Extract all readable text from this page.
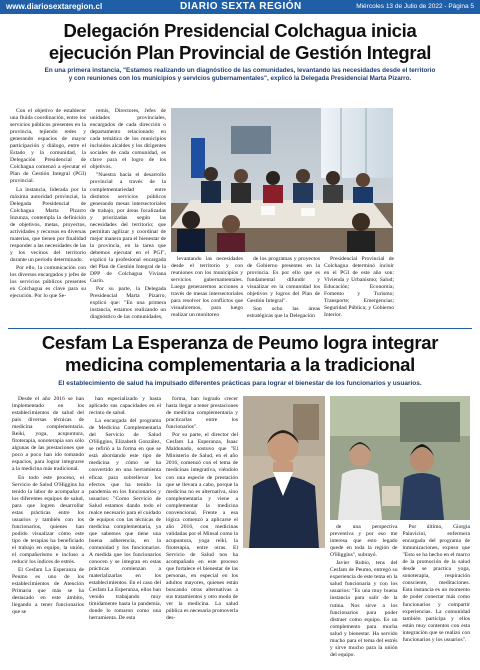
www.diariosextaregion.cl	DIARIO SEXTA REGIÓN	Miércoles 13 de Julio de 2022 - Página 5
Delegación Presidencial Colchagua inicia
ejecución Plan Provincial de Gestión Integral
En una primera instancia, "Estamos realizando un diagnóstico de las comunidades, levantando las necesidades desde el territorio
y con reuniones con los municipios y servicios gubernamentales", explicó la Delegada Presidencial Marta Pizarro.

Con el objetivo de establecer una fluida coordinación, entre los servicios públicos presentes en la provincia, tejiendo redes y generando espacios de mayor participación y diálogo, entre el Estado y la comunidad, la Delegación Presidencial de Colchagua comenzó a ejecutar el Plan de Gestión Integral (PGI) provincial.

La instancia, liderada por la máxima autoridad provincial, la Delegada Presidencial de Colchagua Marta Pizarro Inzunza, contempla la definición de objetivos, metas, proyectos, actividades y recursos en diversas materias, que tienen por finalidad responder a las necesidades de las y los vecinos del territorio durante un periodo determinado.

Por ello, la comunicación con los diversos encargados y jefes de los servicios públicos presentes en Colchagua es clave para su ejecución. Por lo que Se-

remis, Directores, Jefes de unidades provinciales, encargados de cada dirección o departamento relacionado en cada temática de los municipios incluidos alcaldes y los dirigentes sociales de cada comunidad, es clave para el logro de los objetivos.

"Nuestra hacía el desarrollo provincial a través de la complementariedad entre distintos servicios públicos generando mesas intersectoriales de trabajo, por áreas focalizadas y priorizadas según las necesidades del territorio; que permitan agilizar y coordinar de mejor manera para el bienestar de la provincia, en la tarea que debemos ejecutar en el PGI", explicó la profesional encargada del Plan de Gestión Integral de la DPP de Colchagua Viviana Garín.

Por su parte, la Delegada Presidencial Marta Pizarro, explicó que: "En una primera instancia, estamos realizando un diagnóstico de las comunidades,

levantando las necesidades desde el territorio y con reuniones con los municipios y servicios gubernamentales. Luego generaremos acciones a través de mesas intersectoriales para resolver los conflictos que visualicemos, para luego realizar un monitoreo

de los programas y proyectos de Gobierno presentes en la provincia. Es por ello que es fundamental difundir y visualizar en la comunidad los objetivos y logros del Plan de Gestión Integral".

Son ocho las áreas estratégicas que la Delegación

Presidencial Provincial de Colchagua determinó incluir en el PGI de este año son: Vivienda y Urbanismo; Salud; Educación; Economía; Fomento y Turismo; Transporte; Emergencias; Seguridad Pública; y Gobierno Interior.

Cesfam La Esperanza de Peumo logra integrar
medicina complementaria a la tradicional
El establecimiento de salud ha impulsado diferentes prácticas para lograr el bienestar de los funcionarios y usuarios.

Desde el año 2016 se han implementado en los establecimientos de salud del país diversas técnicas de medicina complementaria. Reiki, yoga, acupuntura, fitoterapia, sonoterapia son sólo algunas de las prestaciones que poco a poco han ido tomando espacios, para lograr integrarse a la medicina más tradicional.

En todo este proceso, el Servicio de Salud O'Higgins ha tenido la labor de acompañar a los diferentes equipos de salud, para que logren desarrollar estas prácticas entre los usuarios y también con los funcionarios, quienes han podido visualizar cómo este tipo de terapias ha beneficiado el trabajo en equipo, la unión, el compañerismo e incluso a reducir los índices de estrés.

El Cesfam La Esperanza de Peumo es uno de los establecimientos de Atención Primaria que más se ha destacado en este ámbito, llegando a tener funcionarios que se

han especializado y hasta aplicado sus capacidades en el recinto de salud.

La encargada del programa de Medicina Complementaria del Servicio de Salud O'Higgins, Elizabeth González, se refirió a la forma en que se está abordando este tipo de medicina y cómo se ha convertido en una herramienta eficaz para sobrellevar los efectos que ha tenido la pandemia en los funcionarios y usuarios: "Como Servicio de Salud estamos dando todo el realce necesario para el cuidado de equipos con las técnicas de medicina complementaria, ya que sabemos que tiene una buena adherencia, en la comunidad y los funcionarios. A medida que los funcionarios conocen y se integran en estas prácticas comienzan a materializarlas en los establecimientos. En el caso del Cesfam La Esperanza, ellos han venido trabajando muy tímidamente hasta la pandemia, donde lo tomaron como una herramienta. De esta

forma, han logrado crecer hasta llegar a tener prestaciones de medicina complementaria y practicarlas entre los funcionarios".

Por su parte, el director del Cesfam La Esperanza, Isaac Maldonado, sostuvo que "El Ministerio de Salud, en el año 2016, comenzó con el tema de medicinas integrativa, viéndolo con una especie de prestación que se llevara a cabo, porque la medicina no es alternativa, sino complementaria y viene a complementar la medicina convencional. Frente a esa lógica comenzó a aplicarse el año 2016, con medicinas validadas por el Minsal como la acupuntura, yoga reiki, la fitoterapia, entre otras. El Servicio de Salud nos ha acompañado en este proceso que fortalece el bienestar de las personas, en especial en los adultos mayores, quienes están buscando otras alternativas a sus tratamientos y otro modo de ver la medicina. La salud pública es necesaria promoverla des-

de una perspectiva preventiva y por eso me interesa que esto legado quede en toda la región de O'Higgins", subrayó.

Javier Rubio, tens del Cesfam de Peumo, entregó su experiencia de este tema en la salud funcionaria y con los usuarios: "Es una muy buena instancia para salir de la rutina. Nos sirve a los funcionarios para poder distraer como equipo. Es un complemento para mucha salud y bienestar. Ha servido mucho para el tema del estrés y sirve mucho para la unión del equipo.

Por último, Giorgia Palavicini, enfermera encargada del programa de inmunizaciones, expuso que "Esto se ha hecho en el marco de la promoción de la salud desde se practica yoga, sonoterapia, respiración consciente, meditaciones. Esta instancia es un momento de poder conectar más como funcionarios y compartir experiencias. La comunidad también participa y ellos están muy contentos con esta integración que se realizó con funcionarios y los usuarios".
